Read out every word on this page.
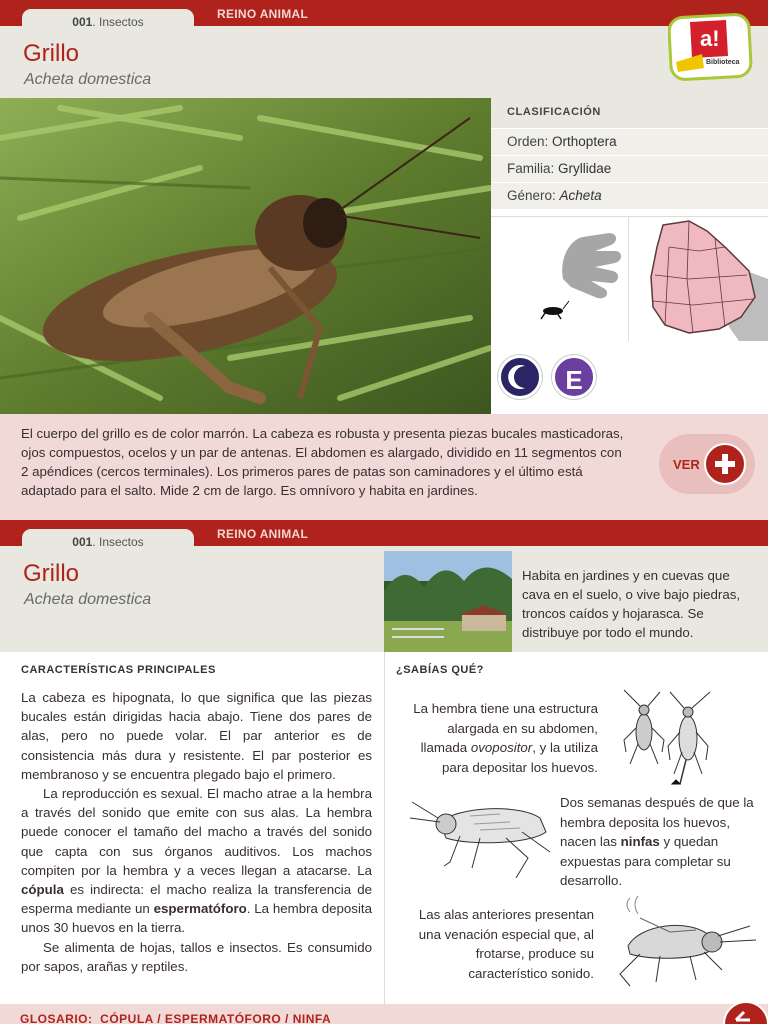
REINO ANIMAL
001. Insectos
Grillo
Acheta domestica
a!
Biblioteca
CLASIFICACIÓN
Orden: Orthoptera
Familia: Gryllidae
Género: Acheta
E

El cuerpo del grillo es de color marrón. La cabeza es robusta y presenta piezas bucales masticadoras, ojos compuestos, ocelos y un par de antenas. El abdomen es alargado, dividido en 11 segmentos con 2 apéndices (cercos terminales). Los primeros pares de patas son caminadores y el último está adaptado para el salto. Mide 2 cm de largo. Es omnívoro y habita en jardines.

VER
REINO ANIMAL
001. Insectos
Grillo
Acheta domestica
Habita en jardines y en cuevas que cava en el suelo, o vive bajo piedras, troncos caídos y hojarasca. Se distribuye por todo el mundo.
CARACTERÍSTICAS PRINCIPALES

La cabeza es hipognata, lo que significa que las piezas bucales están dirigidas hacia abajo. Tiene dos pares de alas, pero no puede volar. El par anterior es de consistencia más dura y resistente. El par posterior es membranoso y se encuentra plegado bajo el primero.

La reproducción es sexual. El macho atrae a la hembra a través del sonido que emite con sus alas. La hembra puede conocer el tamaño del macho a través del sonido que capta con sus órganos auditivos. Los machos compiten por la hembra y a veces llegan a atacarse. La cópula es indirecta: el macho realiza la transferencia de esperma mediante un espermatóforo. La hembra deposita unos 30 huevos en la tierra.

Se alimenta de hojas, tallos e insectos. Es consumido por sapos, arañas y reptiles.

¿SABÍAS QUÉ?
La hembra tiene una estructura alargada en su abdomen, llamada ovopositor, y la utiliza para depositar los huevos.
Dos semanas después de que la hembra deposita los huevos, nacen las ninfas y quedan expuestas para completar su desarrollo.
Las alas anteriores presentan una venación especial que, al frotarse, produce su característico sonido.
GLOSARIO: CÓPULA / ESPERMATÓFORO / NINFA
